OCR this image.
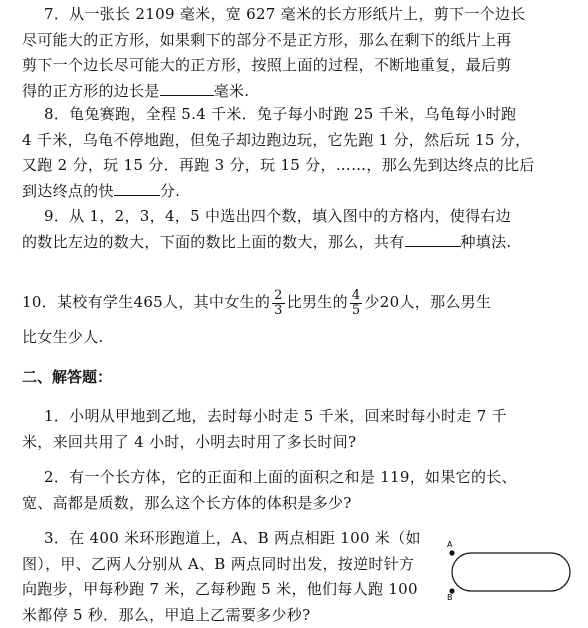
7．从一张长 2109 毫米，宽 627 毫米的长方形纸片上，剪下一个边长
尽可能大的正方形，如果剩下的部分不是正方形，那么在剩下的纸片上再
剪下一个边长尽可能大的正方形，按照上面的过程，不断地重复，最后剪
得的正方形的边长是	毫米.
8．龟兔赛跑，全程 5.4 千米．兔子每小时跑 25 千米，乌龟每小时跑
4 千米，乌龟不停地跑，但兔子却边跑边玩，它先跑 1 分，然后玩 15 分，
又跑 2 分，玩 15 分．再跑 3 分，玩 15 分，……，那么先到达终点的比后
到达终点的快	分.
9．从 1，2，3，4，5 中选出四个数，填入图中的方格内，使得右边
的数比左边的数大，下面的数比上面的数大，那么，共有	种填法.
10．某校有学生465人，其中女生的 $\frac{2}{3}$ 比男生的 $\frac{4}{5}$ 少20人，那么男生
比女生少人.
二、解答题：
1．小明从甲地到乙地，去时每小时走 5 千米，回来时每小时走 7 千
米，来回共用了 4 小时，小明去时用了多长时间?
2．有一个长方体，它的正面和上面的面积之和是 119，如果它的长、
宽、高都是质数，那么这个长方体的体积是多少?
3．在 400 米环形跑道上，A、B 两点相距 100 米（如
图），甲、乙两人分别从 A、B 两点同时出发，按逆时针方
向跑步，甲每秒跑 7 米，乙每秒跑 5 米，他们每人跑 100
米都停 5 秒．那么，甲追上乙需要多少秒?
A
B
